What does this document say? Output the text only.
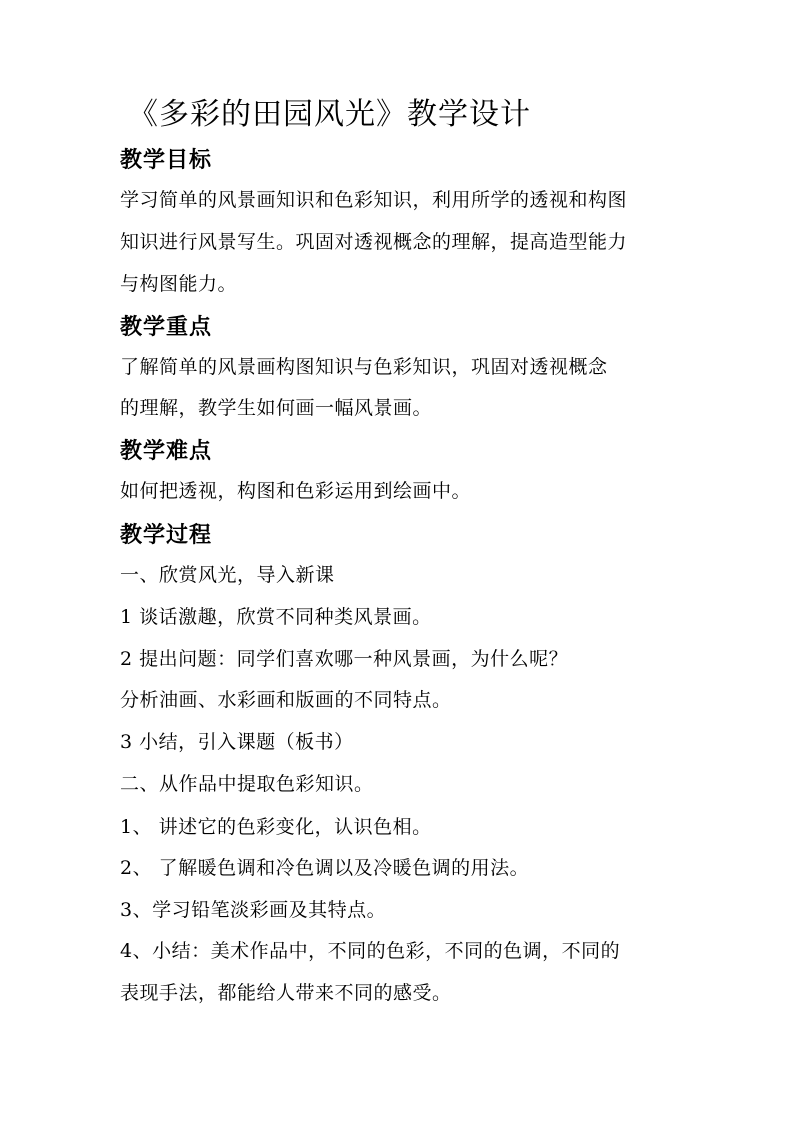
《多彩的田园风光》教学设计
教学目标
学习简单的风景画知识和色彩知识，利用所学的透视和构图
知识进行风景写生。巩固对透视概念的理解，提高造型能力
与构图能力。
教学重点
了解简单的风景画构图知识与色彩知识，巩固对透视概念
的理解，教学生如何画一幅风景画。
教学难点
如何把透视，构图和色彩运用到绘画中。
教学过程
一、欣赏风光，导入新课
1 谈话激趣，欣赏不同种类风景画。
2 提出问题：同学们喜欢哪一种风景画，为什么呢？
分析油画、水彩画和版画的不同特点。
3 小结，引入课题（板书）
二、从作品中提取色彩知识。
1、 讲述它的色彩变化，认识色相。
2、 了解暖色调和冷色调以及冷暖色调的用法。
3、学习铅笔淡彩画及其特点。
4、小结：美术作品中，不同的色彩，不同的色调，不同的
表现手法，都能给人带来不同的感受。
